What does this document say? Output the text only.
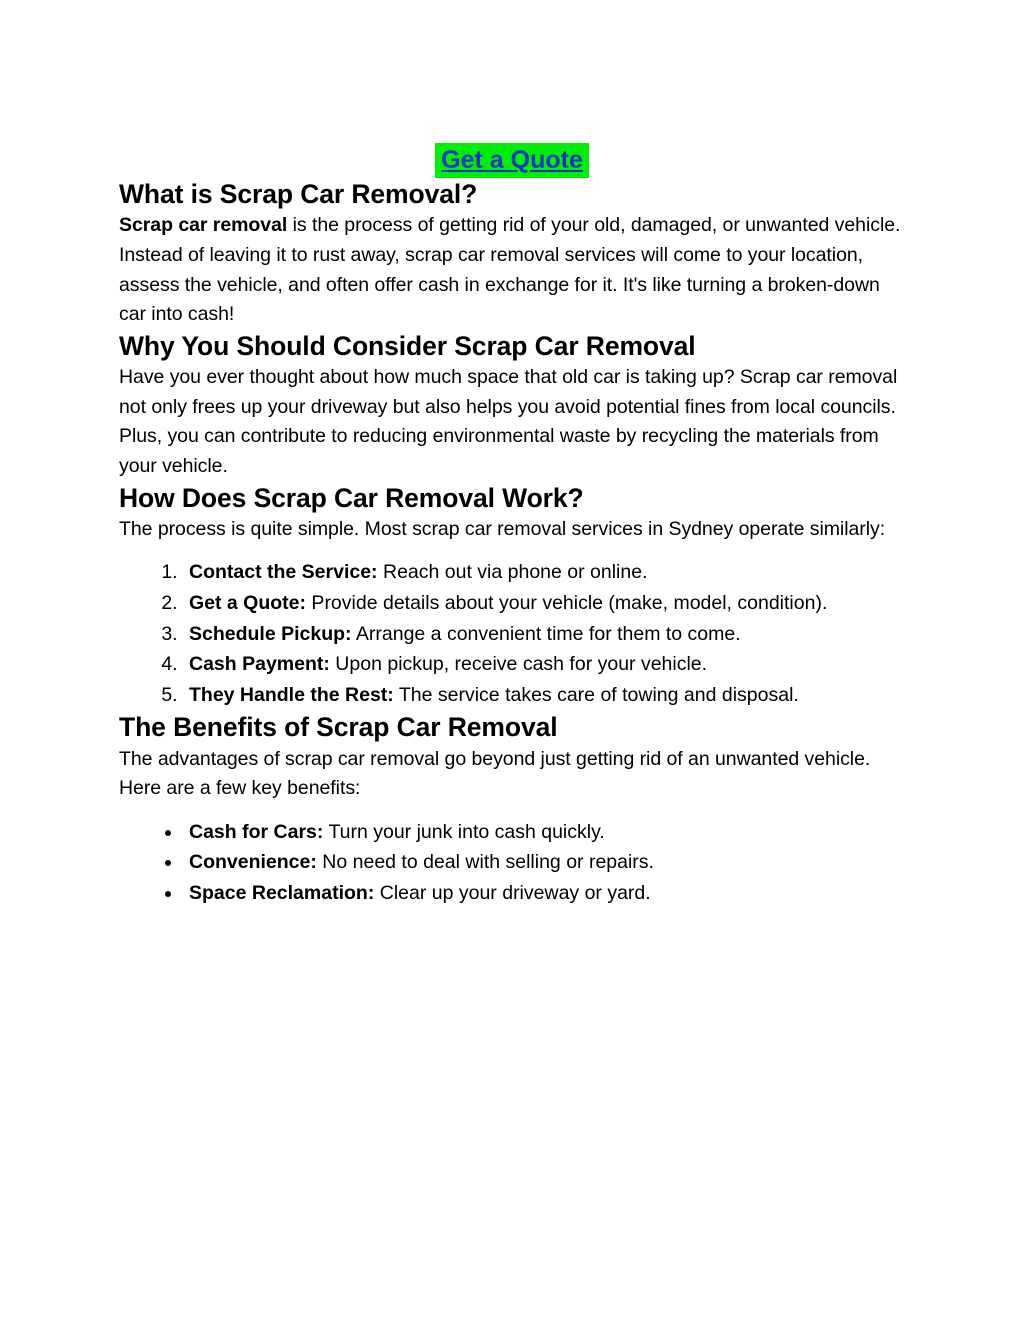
Get a Quote
What is Scrap Car Removal?

Scrap car removal is the process of getting rid of your old, damaged, or unwanted vehicle. Instead of leaving it to rust away, scrap car removal services will come to your location, assess the vehicle, and often offer cash in exchange for it. It's like turning a broken-down car into cash!

Why You Should Consider Scrap Car Removal

Have you ever thought about how much space that old car is taking up? Scrap car removal not only frees up your driveway but also helps you avoid potential fines from local councils. Plus, you can contribute to reducing environmental waste by recycling the materials from your vehicle.

How Does Scrap Car Removal Work?

The process is quite simple. Most scrap car removal services in Sydney operate similarly:

1. Contact the Service: Reach out via phone or online.
2. Get a Quote: Provide details about your vehicle (make, model, condition).
3. Schedule Pickup: Arrange a convenient time for them to come.
4. Cash Payment: Upon pickup, receive cash for your vehicle.
5. They Handle the Rest: The service takes care of towing and disposal.
The Benefits of Scrap Car Removal

The advantages of scrap car removal go beyond just getting rid of an unwanted vehicle. Here are a few key benefits:

• Cash for Cars: Turn your junk into cash quickly.
• Convenience: No need to deal with selling or repairs.
• Space Reclamation: Clear up your driveway or yard.
